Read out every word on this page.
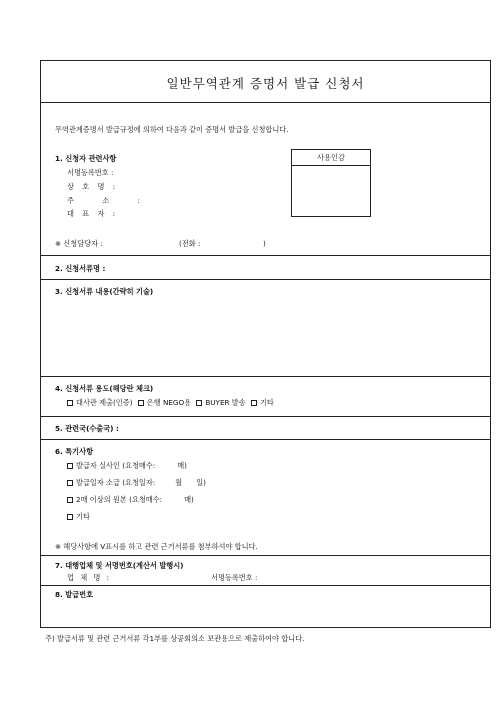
일반무역관계 증명서 발급 신청서
무역관계증명서 발급규정에 의하여 다음과 같이 증명서 발급을 신청합니다.
1. 신청자 관련사항
서명등록번호 :
상 호 명 :
주 소 :
대 표 자 :
사용인감
※ 신청담당자 :	(전화 :	)
2. 신청서류명 :
3. 신청서류 내용(간략히 기술)
4. 신청서류 용도(해당란 체크)
대사관 제출(인증) 은행 NEGO용 BUYER 발송 기타
5. 관련국(수출국) :
6. 특기사항
발급자 실사인 (요청매수:	매)
발급일자 소급 (요청일자:	월 일)
2매 이상의 원본 (요청매수:	매)
기타
※ 해당사항에 V표시를 하고 관련 근거서류를 첨부하셔야 합니다.
7. 대행업체 및 서명번호(계산서 발행시)
업 체 명 :	서명등록번호 :
8. 발급번호
주) 발급서류 및 관련 근거서류 각1부를 상공회의소 보관용으로 제출하여야 합니다.
